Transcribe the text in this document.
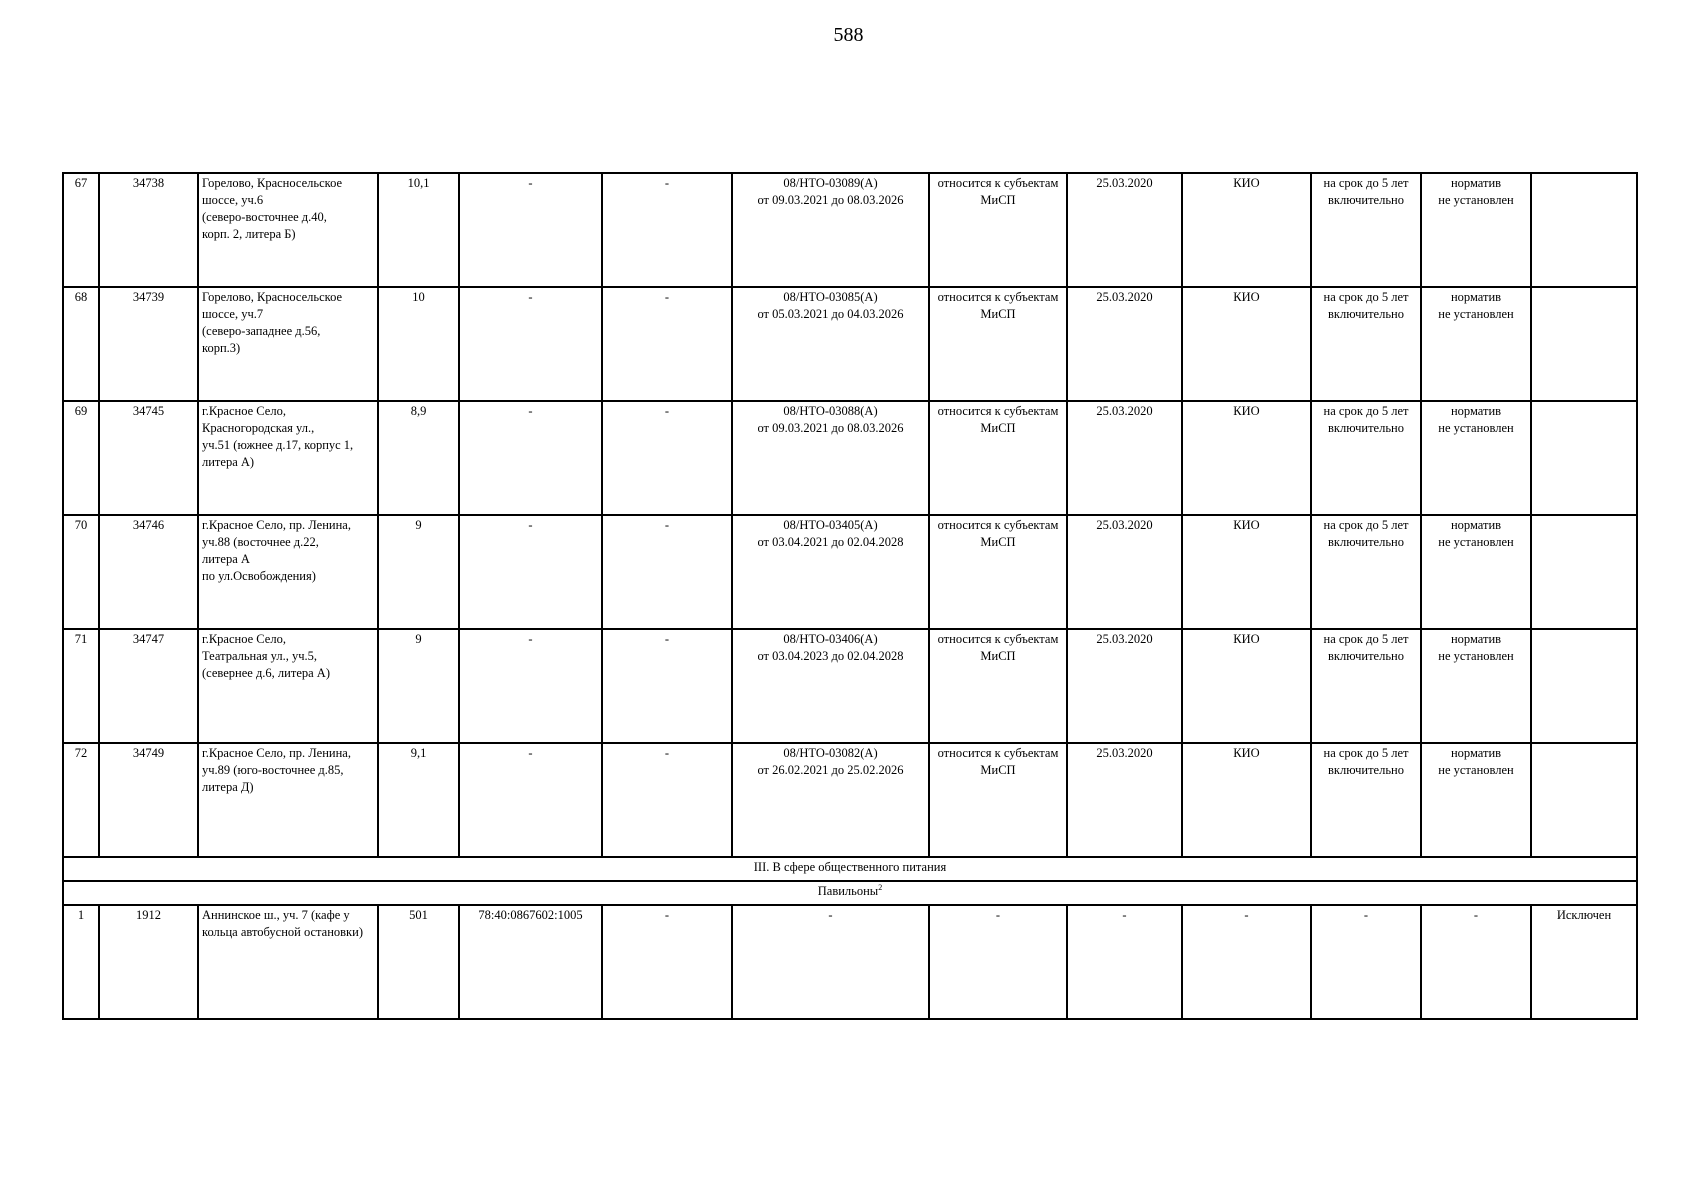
588
67	34738	Горелово, Красносельское
шоссе, уч.6
(северо-восточнее д.40,
корп. 2, литера Б)	10,1	-	-	08/НТО-03089(А)
от 09.03.2021 до 08.03.2026	относится к субъектам
МиСП	25.03.2020	КИО	на срок до 5 лет
включительно	норматив
не установлен	
68	34739	Горелово, Красносельское
шоссе, уч.7
(северо-западнее д.56,
корп.3)	10	-	-	08/НТО-03085(А)
от 05.03.2021 до 04.03.2026	относится к субъектам
МиСП	25.03.2020	КИО	на срок до 5 лет
включительно	норматив
не установлен	
69	34745	г.Красное Село,
Красногородская ул.,
уч.51 (южнее д.17, корпус 1,
литера А)	8,9	-	-	08/НТО-03088(А)
от 09.03.2021 до 08.03.2026	относится к субъектам
МиСП	25.03.2020	КИО	на срок до 5 лет
включительно	норматив
не установлен	
70	34746	г.Красное Село, пр. Ленина,
уч.88 (восточнее д.22,
литера А
по ул.Освобождения)	9	-	-	08/НТО-03405(А)
от 03.04.2021 до 02.04.2028	относится к субъектам
МиСП	25.03.2020	КИО	на срок до 5 лет
включительно	норматив
не установлен	
71	34747	г.Красное Село,
Театральная ул., уч.5,
(севернее д.6, литера А)	9	-	-	08/НТО-03406(А)
от 03.04.2023 до 02.04.2028	относится к субъектам
МиСП	25.03.2020	КИО	на срок до 5 лет
включительно	норматив
не установлен	
72	34749	г.Красное Село, пр. Ленина,
уч.89 (юго-восточнее д.85,
литера Д)	9,1	-	-	08/НТО-03082(А)
от 26.02.2021 до 25.02.2026	относится к субъектам
МиСП	25.03.2020	КИО	на срок до 5 лет
включительно	норматив
не установлен	
III. В сфере общественного питания												
Павильоны$^2$
1	1912	Аннинское ш., уч. 7 (кафе у
кольца автобусной остановки)	501	78:40:0867602:1005	-	-	-	-	-	-	-	Исключен
